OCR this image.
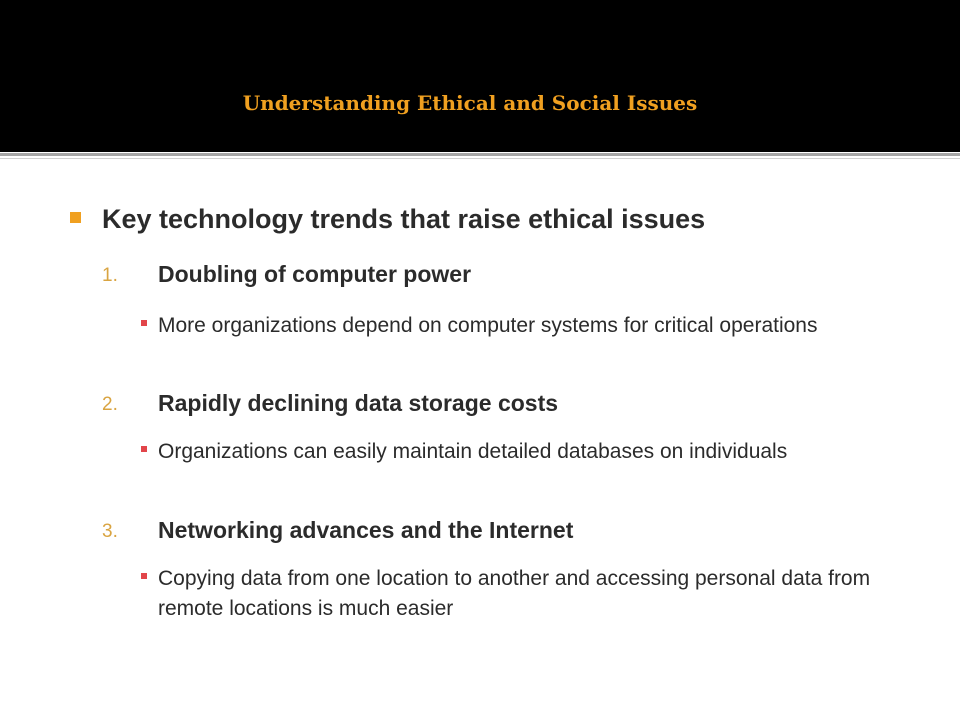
Understanding Ethical and Social Issues
Key technology trends that raise ethical issues
1. Doubling of computer power
More organizations depend on computer systems for critical operations
2. Rapidly declining data storage costs
Organizations can easily maintain detailed databases on individuals
3. Networking advances and the Internet
Copying data from one location to another and accessing personal data from remote locations is much easier
